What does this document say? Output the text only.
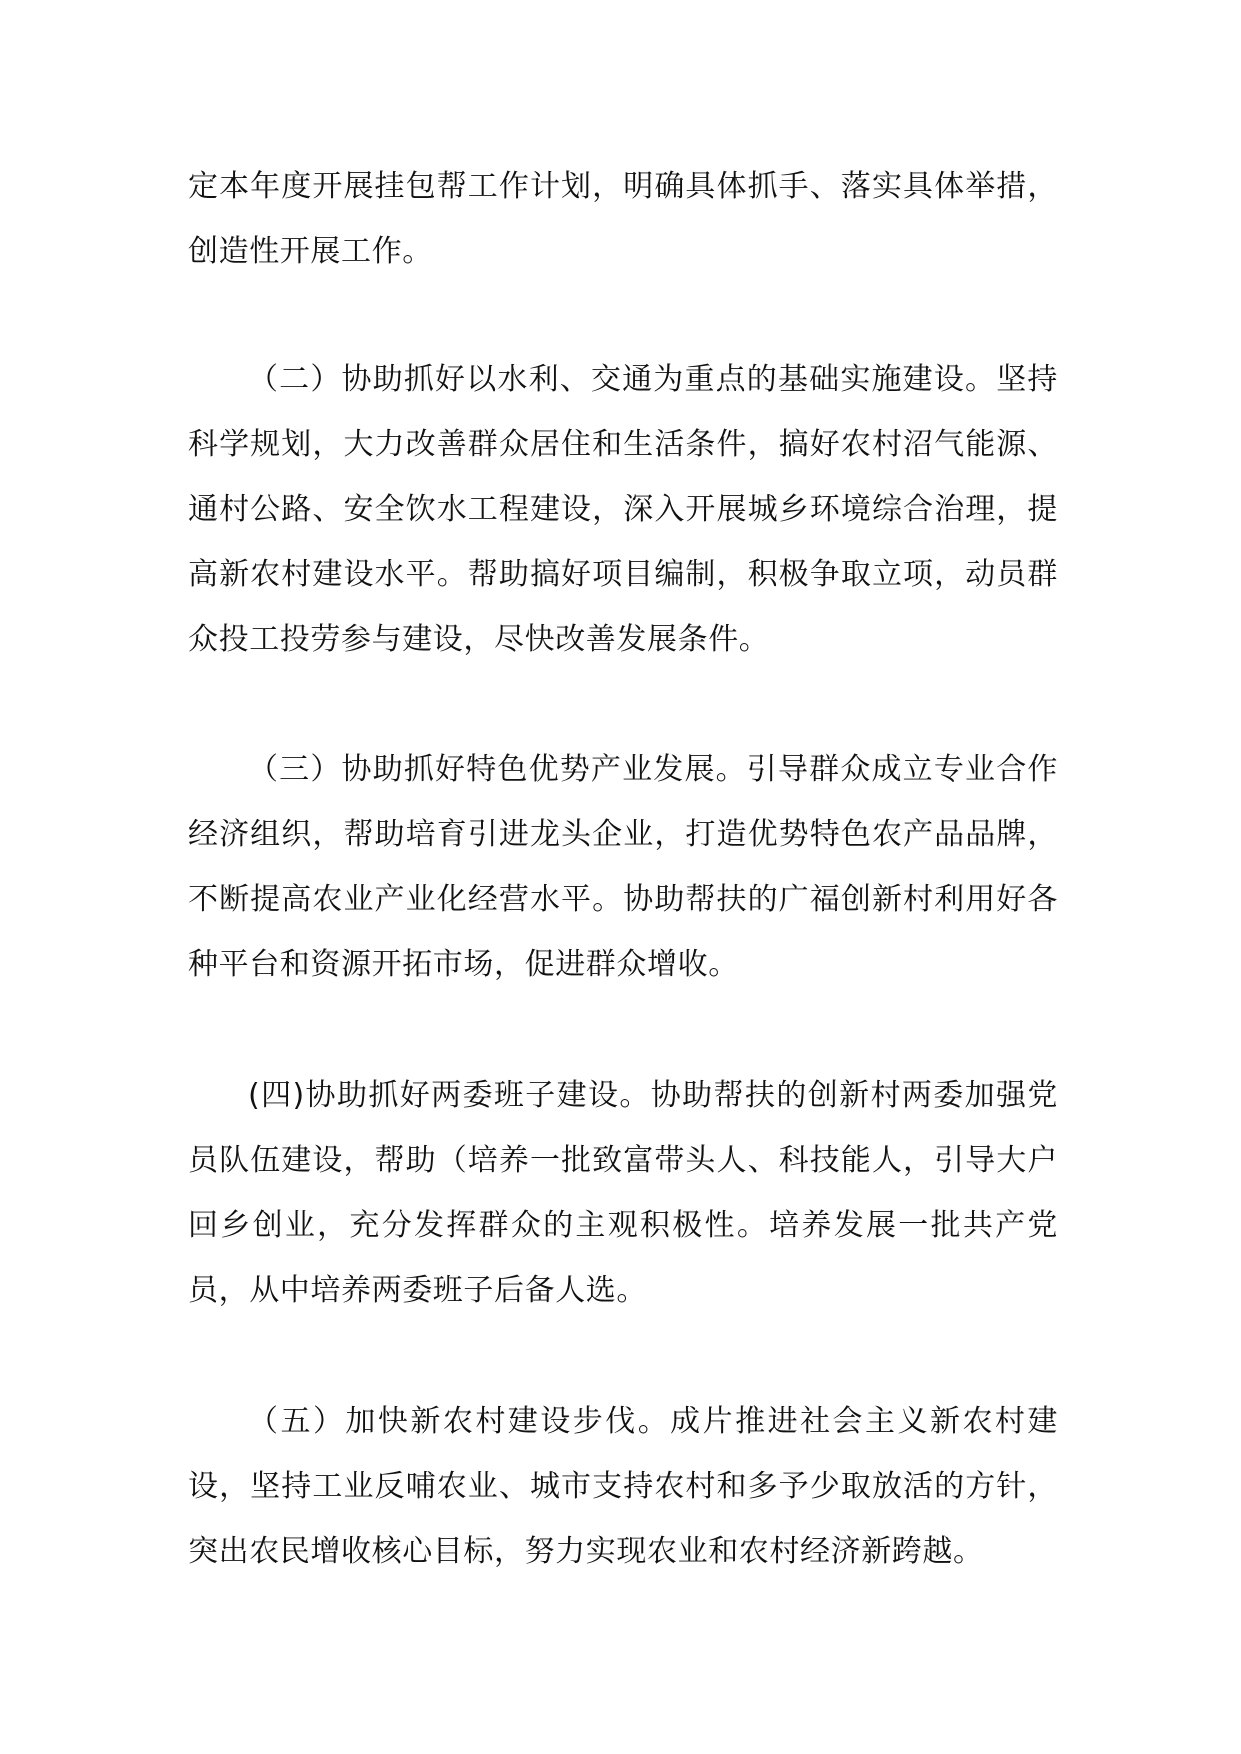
定本年度开展挂包帮工作计划，明确具体抓手、落实具体举措，创造性开展工作。

（二）协助抓好以水利、交通为重点的基础实施建设。坚持科学规划，大力改善群众居住和生活条件，搞好农村沼气能源、通村公路、安全饮水工程建设，深入开展城乡环境综合治理，提高新农村建设水平。帮助搞好项目编制，积极争取立项，动员群众投工投劳参与建设，尽快改善发展条件。

（三）协助抓好特色优势产业发展。引导群众成立专业合作经济组织，帮助培育引进龙头企业，打造优势特色农产品品牌，不断提高农业产业化经营水平。协助帮扶的广福创新村利用好各种平台和资源开拓市场，促进群众增收。

(四)协助抓好两委班子建设。协助帮扶的创新村两委加强党员队伍建设，帮助（培养一批致富带头人、科技能人，引导大户回乡创业，充分发挥群众的主观积极性。培养发展一批共产党员，从中培养两委班子后备人选。

（五）加快新农村建设步伐。成片推进社会主义新农村建设，坚持工业反哺农业、城市支持农村和多予少取放活的方针，突出农民增收核心目标，努力实现农业和农村经济新跨越。
